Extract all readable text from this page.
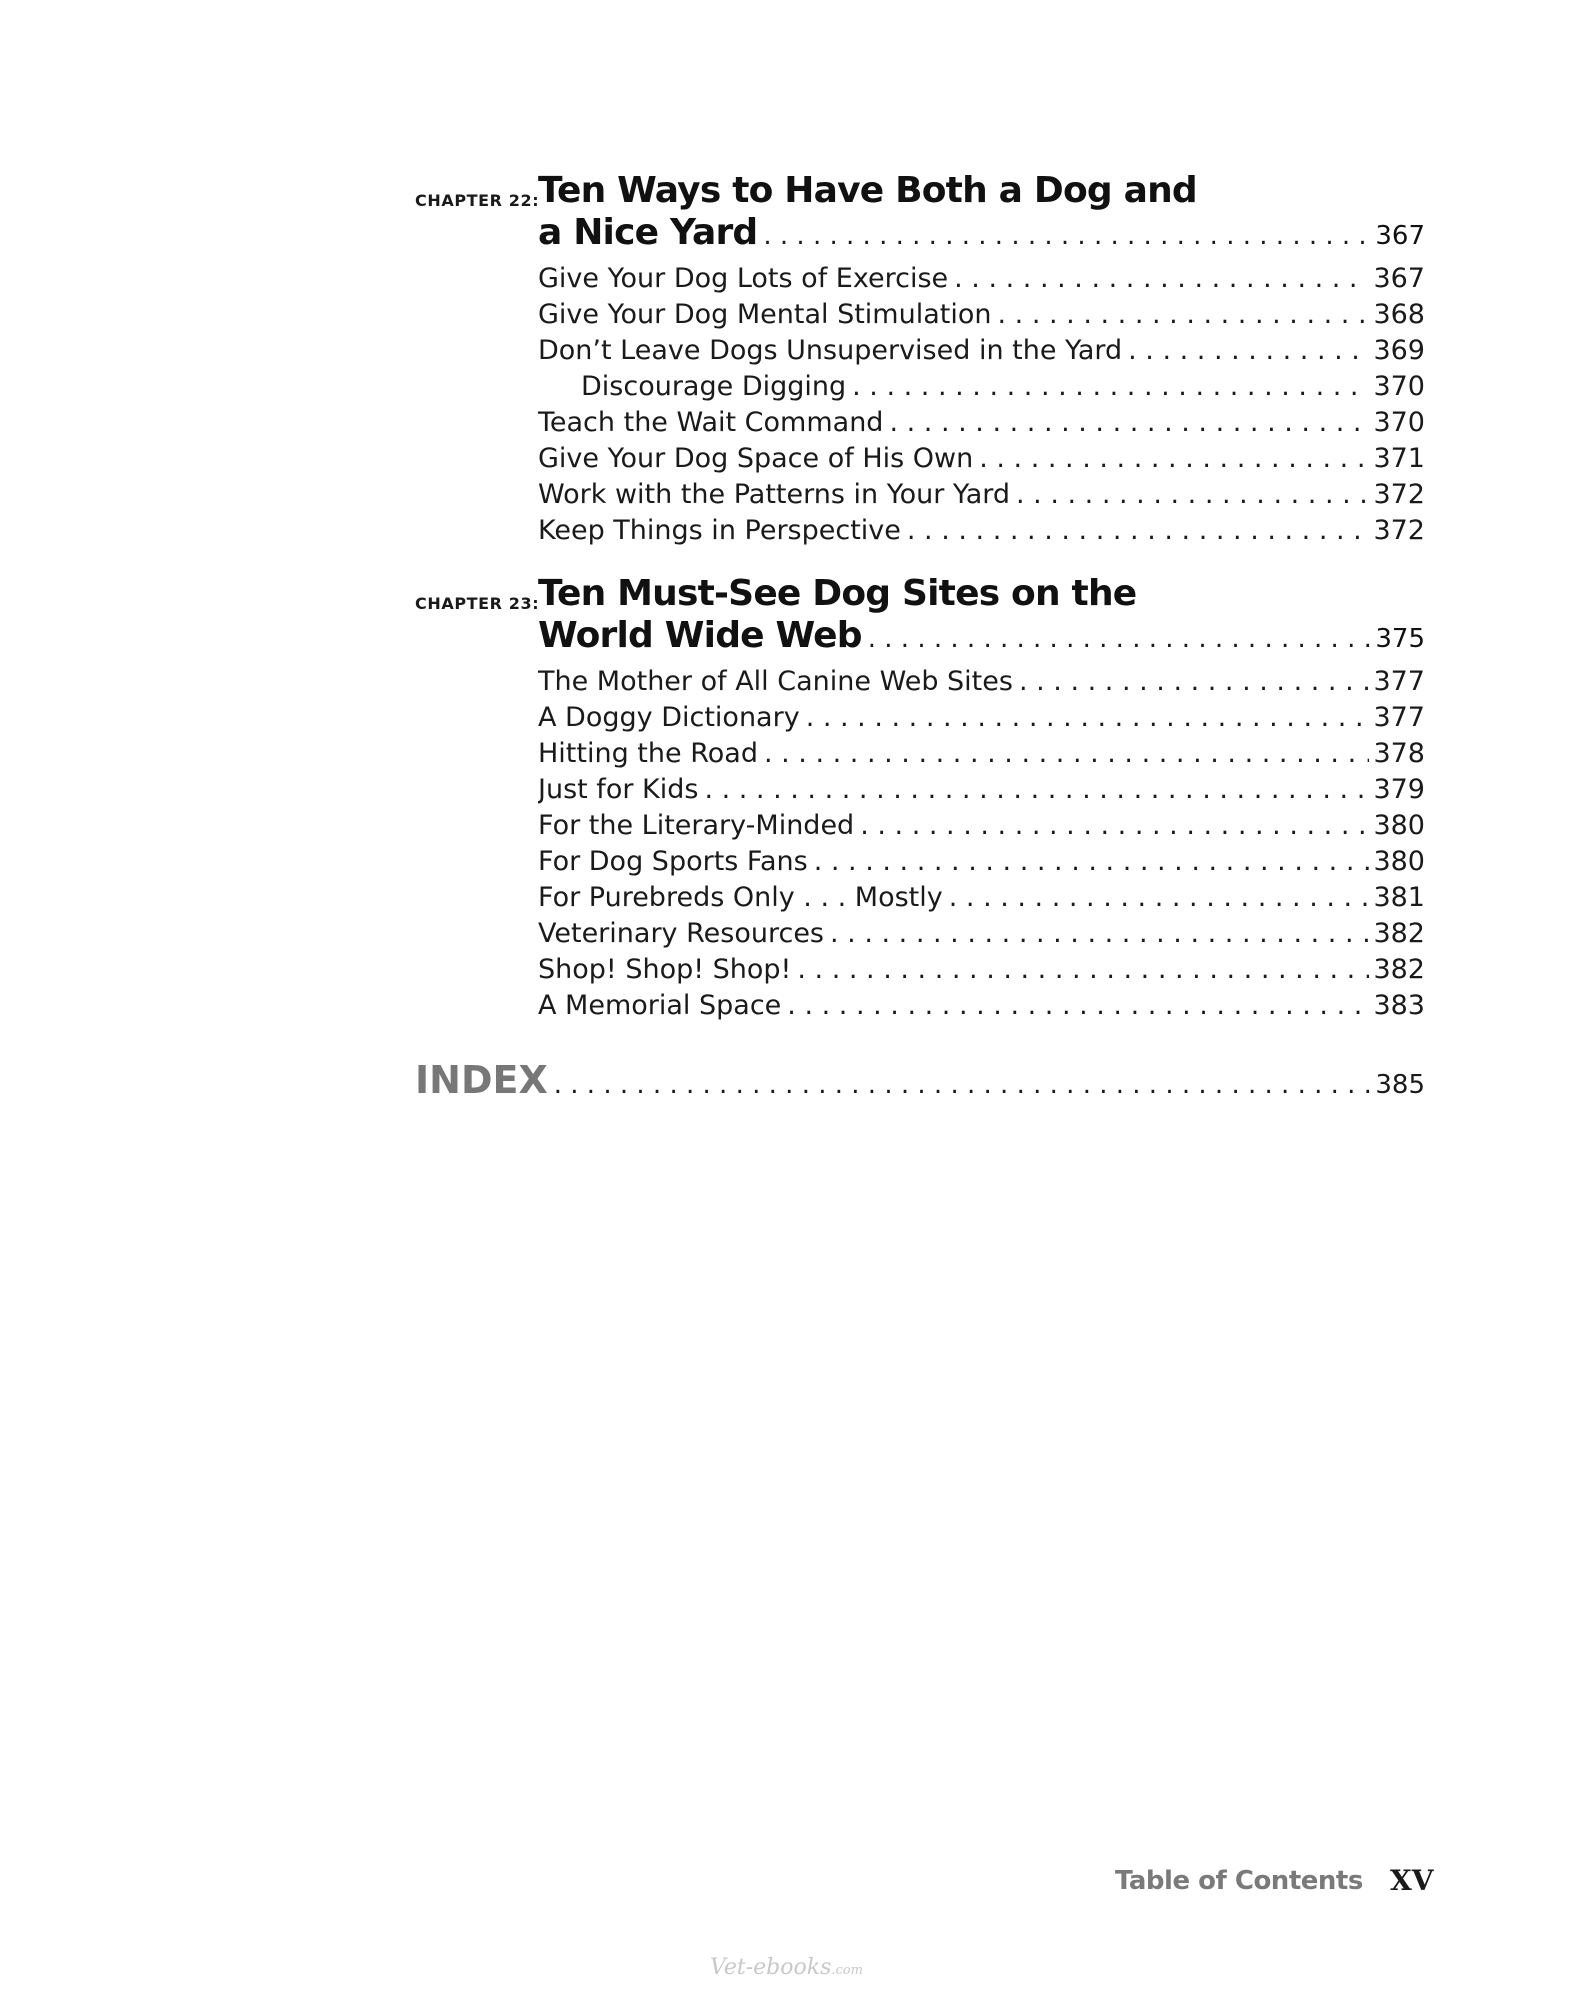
CHAPTER 22:
Ten Ways to Have Both a Dog and
a Nice Yard . . .	367
Give Your Dog Lots of Exercise . . .	367
Give Your Dog Mental Stimulation . . .	368
Don’t Leave Dogs Unsupervised in the Yard . . .	369
Discourage Digging . . .	370
Teach the Wait Command . . .	370
Give Your Dog Space of His Own . . .	371
Work with the Patterns in Your Yard . . .	372
Keep Things in Perspective . . .	372
CHAPTER 23:
Ten Must-See Dog Sites on the
World Wide Web . . .	375
The Mother of All Canine Web Sites . . .	377
A Doggy Dictionary . . .	377
Hitting the Road . . .	378
Just for Kids . . .	379
For the Literary-Minded . . .	380
For Dog Sports Fans . . .	380
For Purebreds Only . . . Mostly . . .	381
Veterinary Resources . . .	382
Shop! Shop! Shop! . . .	382
A Memorial Space . . .	383
INDEX . . .	385
Table of Contents XV
Vet-ebooks.com
